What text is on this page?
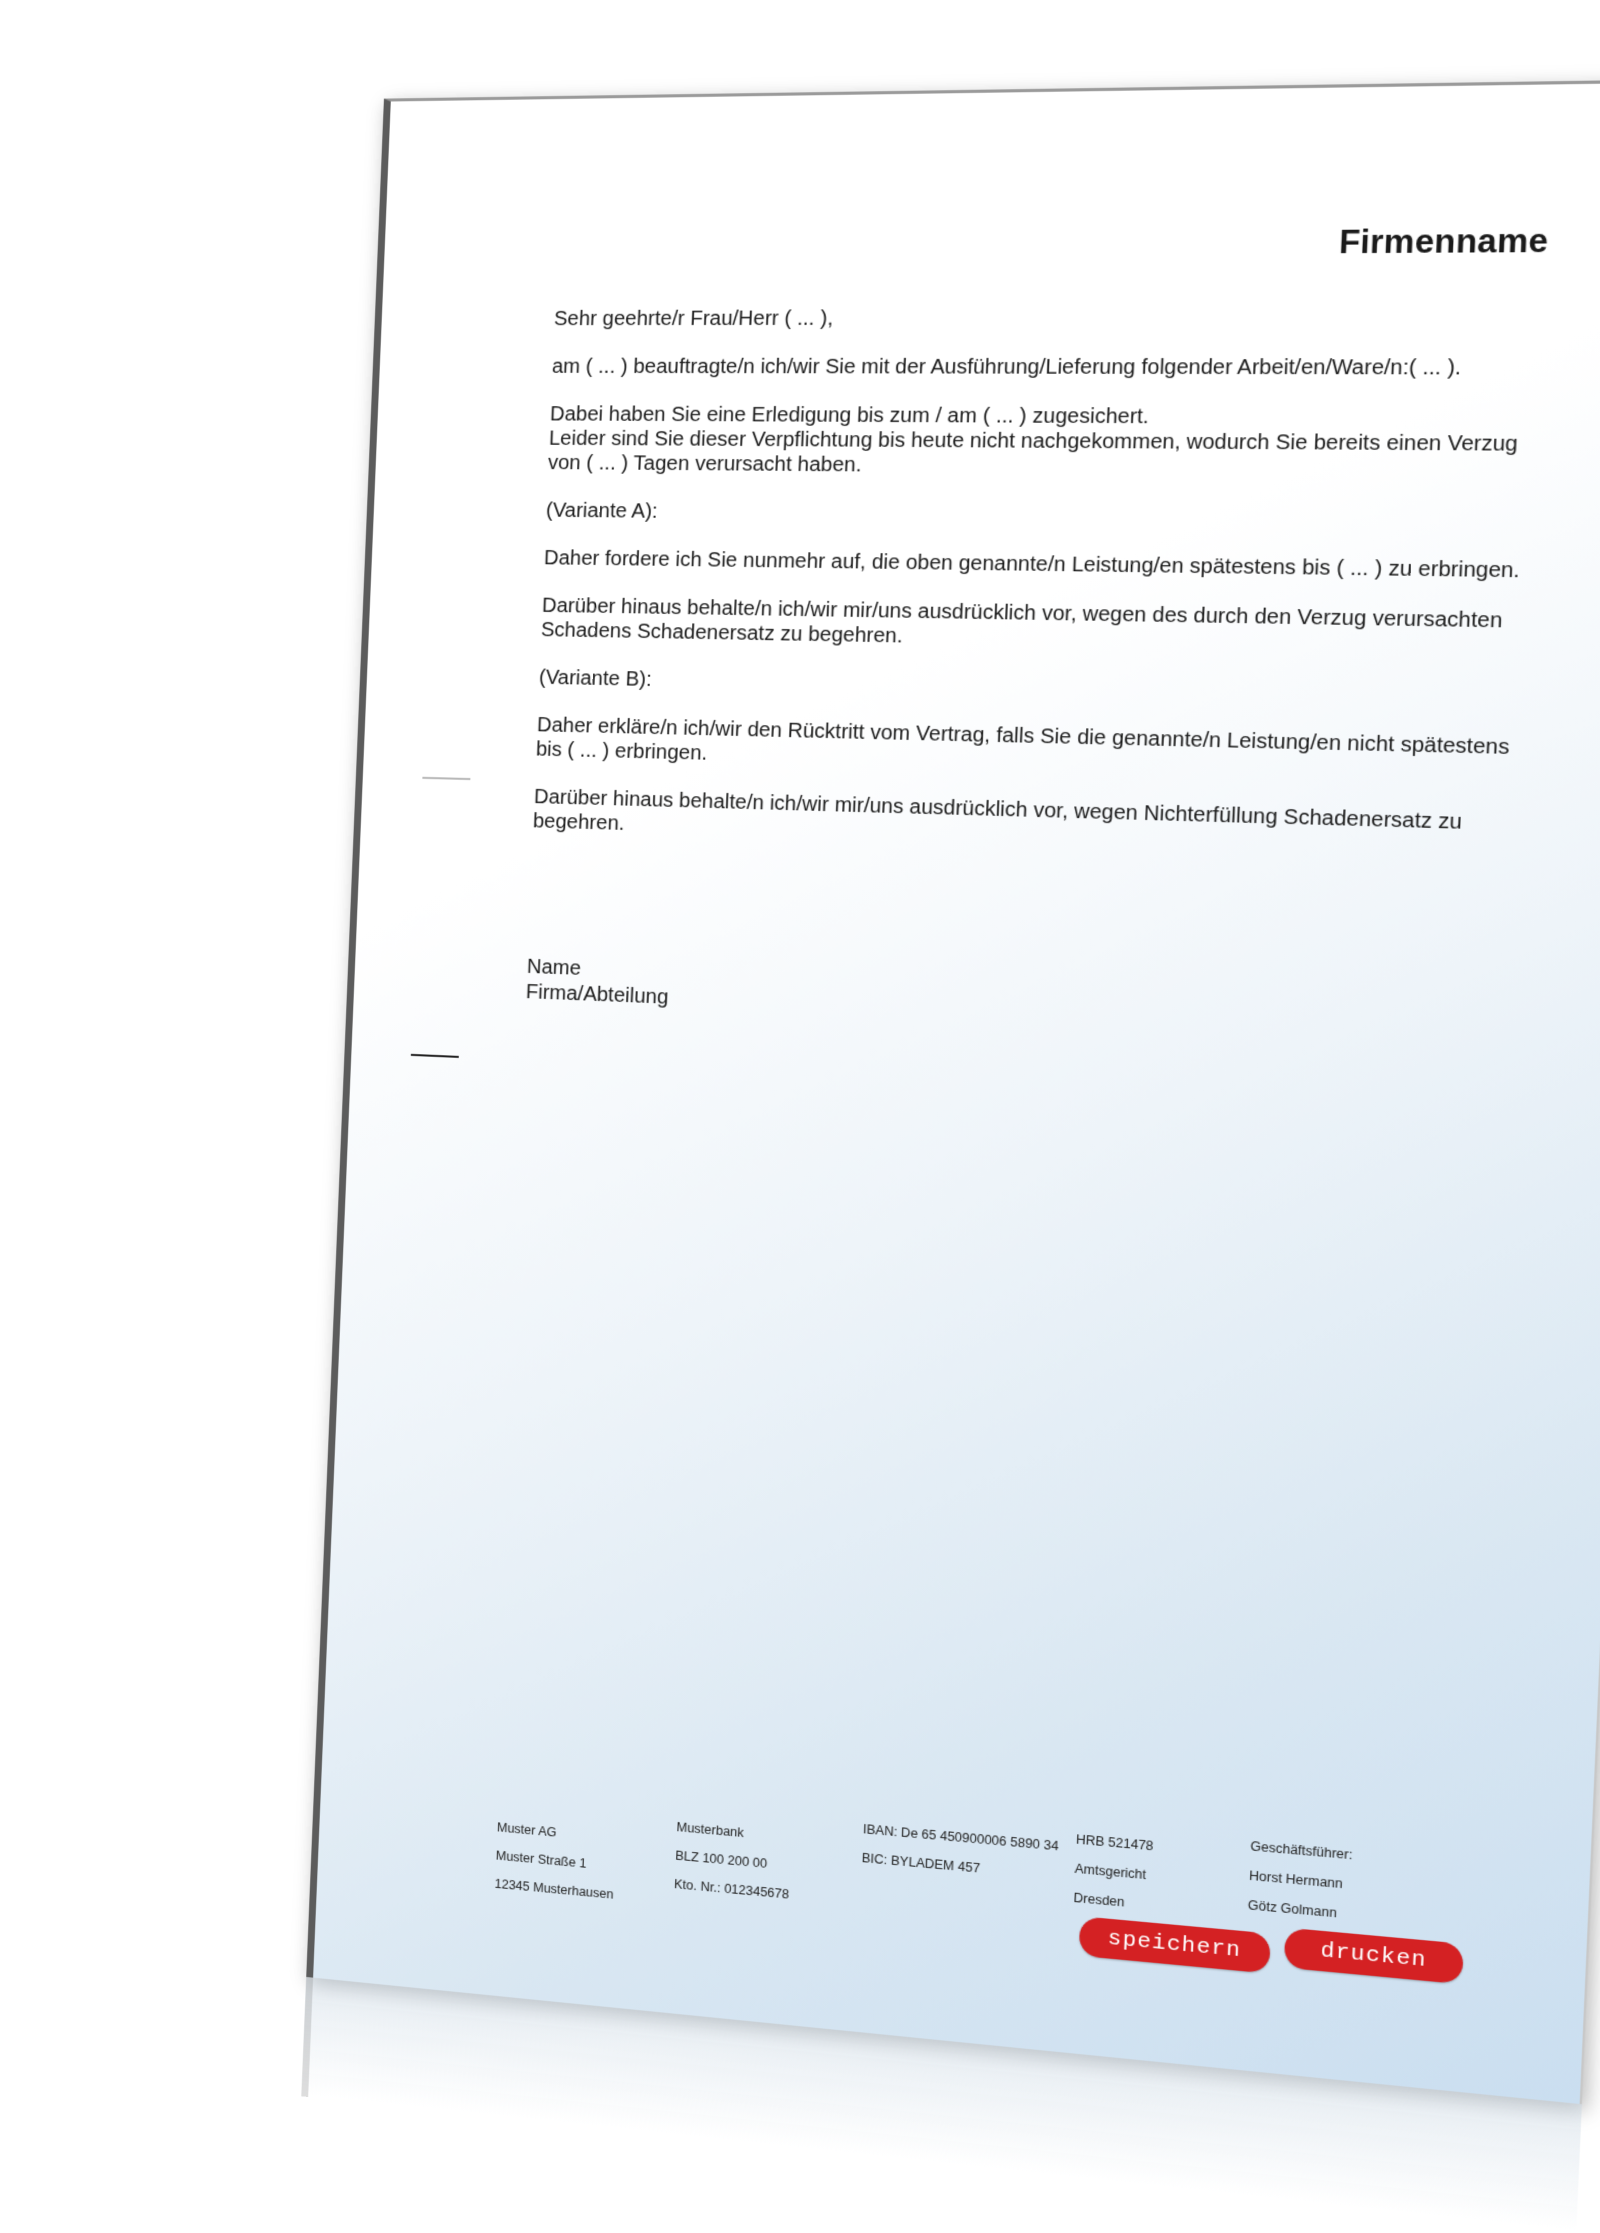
Firmenname

Sehr geehrte/r Frau/Herr ( ... ),

am ( ... ) beauftragte/n ich/wir Sie mit der Ausführung/Lieferung folgender Arbeit/en/Ware/n:( ... ).

Dabei haben Sie eine Erledigung bis zum / am ( ... ) zugesichert.
Leider sind Sie dieser Verpflichtung bis heute nicht nachgekommen, wodurch Sie bereits einen Verzug von ( ... ) Tagen verursacht haben.

(Variante A):

Daher fordere ich Sie nunmehr auf, die oben genannte/n Leistung/en spätestens bis ( ... ) zu erbringen.

Darüber hinaus behalte/n ich/wir mir/uns ausdrücklich vor, wegen des durch den Verzug verursachten Schadens Schadenersatz zu begehren.

(Variante B):

Daher erkläre/n ich/wir den Rücktritt vom Vertrag, falls Sie die genannte/n Leistung/en nicht spätestens bis ( ... ) erbringen.

Darüber hinaus behalte/n ich/wir mir/uns ausdrücklich vor, wegen Nichterfüllung Schadenersatz zu begehren.

Name
Firma/Abteilung
Muster AG
Muster Straße 1
12345 Musterhausen
Musterbank
BLZ 100 200 00
Kto. Nr.: 012345678
IBAN: De 65 450900006 5890 34
BIC: BYLADEM 457
HRB 521478
Amtsgericht
Dresden
Geschäftsführer:
Horst Hermann
Götz Golmann
speichern	drucken
